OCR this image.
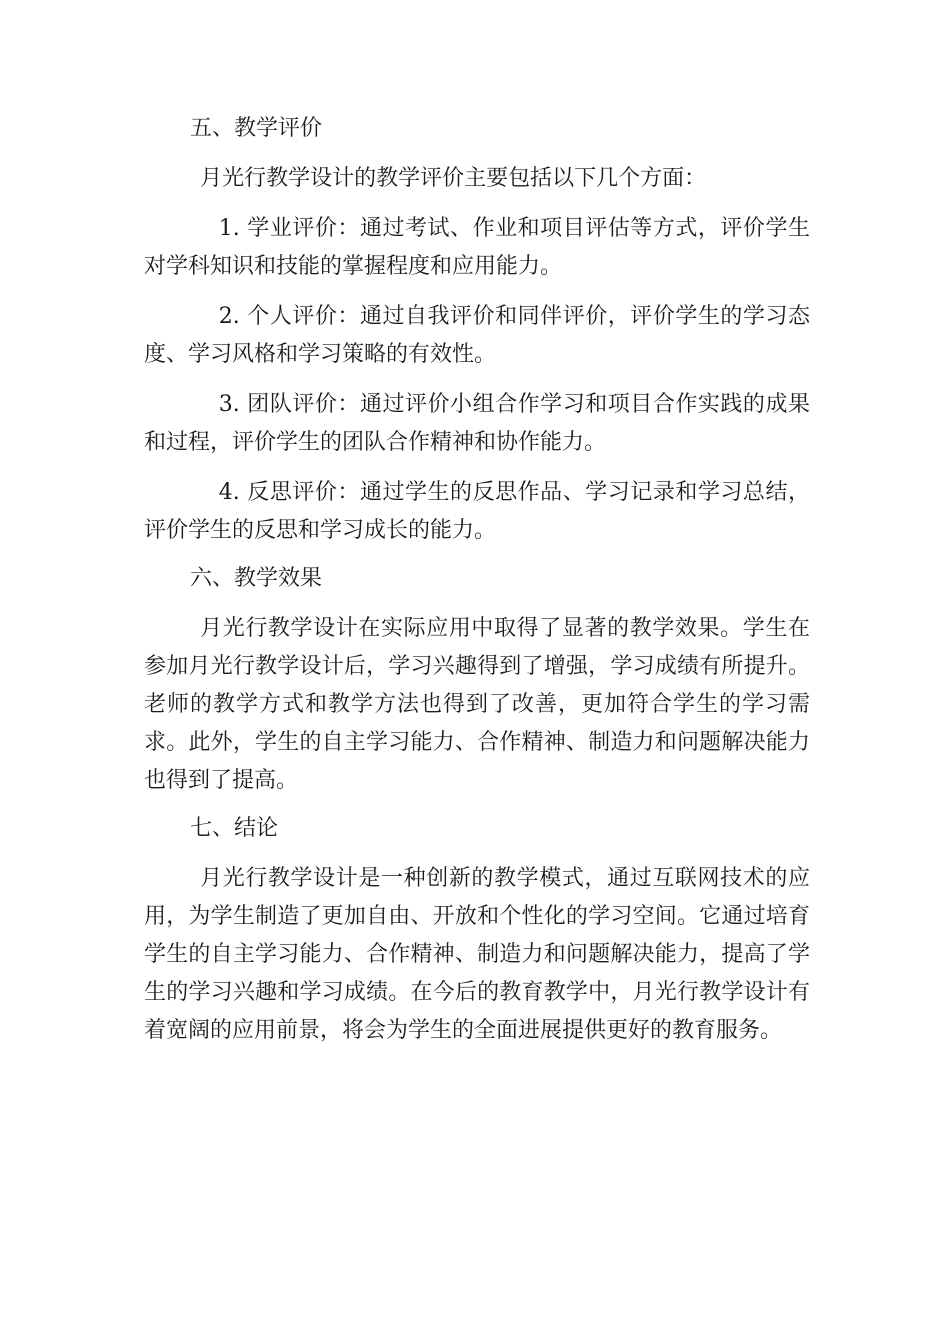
五、教学评价

月光行教学设计的教学评价主要包括以下几个方面：

1. 学业评价：通过考试、作业和项目评估等方式，评价学生对学科知识和技能的掌握程度和应用能力。

2. 个人评价：通过自我评价和同伴评价，评价学生的学习态度、学习风格和学习策略的有效性。

3. 团队评价：通过评价小组合作学习和项目合作实践的成果和过程，评价学生的团队合作精神和协作能力。

4. 反思评价：通过学生的反思作品、学习记录和学习总结，评价学生的反思和学习成长的能力。

六、教学效果

月光行教学设计在实际应用中取得了显著的教学效果。学生在参加月光行教学设计后，学习兴趣得到了增强，学习成绩有所提升。老师的教学方式和教学方法也得到了改善，更加符合学生的学习需求。此外，学生的自主学习能力、合作精神、制造力和问题解决能力也得到了提高。

七、结论

月光行教学设计是一种创新的教学模式，通过互联网技术的应用，为学生制造了更加自由、开放和个性化的学习空间。它通过培育学生的自主学习能力、合作精神、制造力和问题解决能力，提高了学生的学习兴趣和学习成绩。在今后的教育教学中，月光行教学设计有着宽阔的应用前景，将会为学生的全面进展提供更好的教育服务。
